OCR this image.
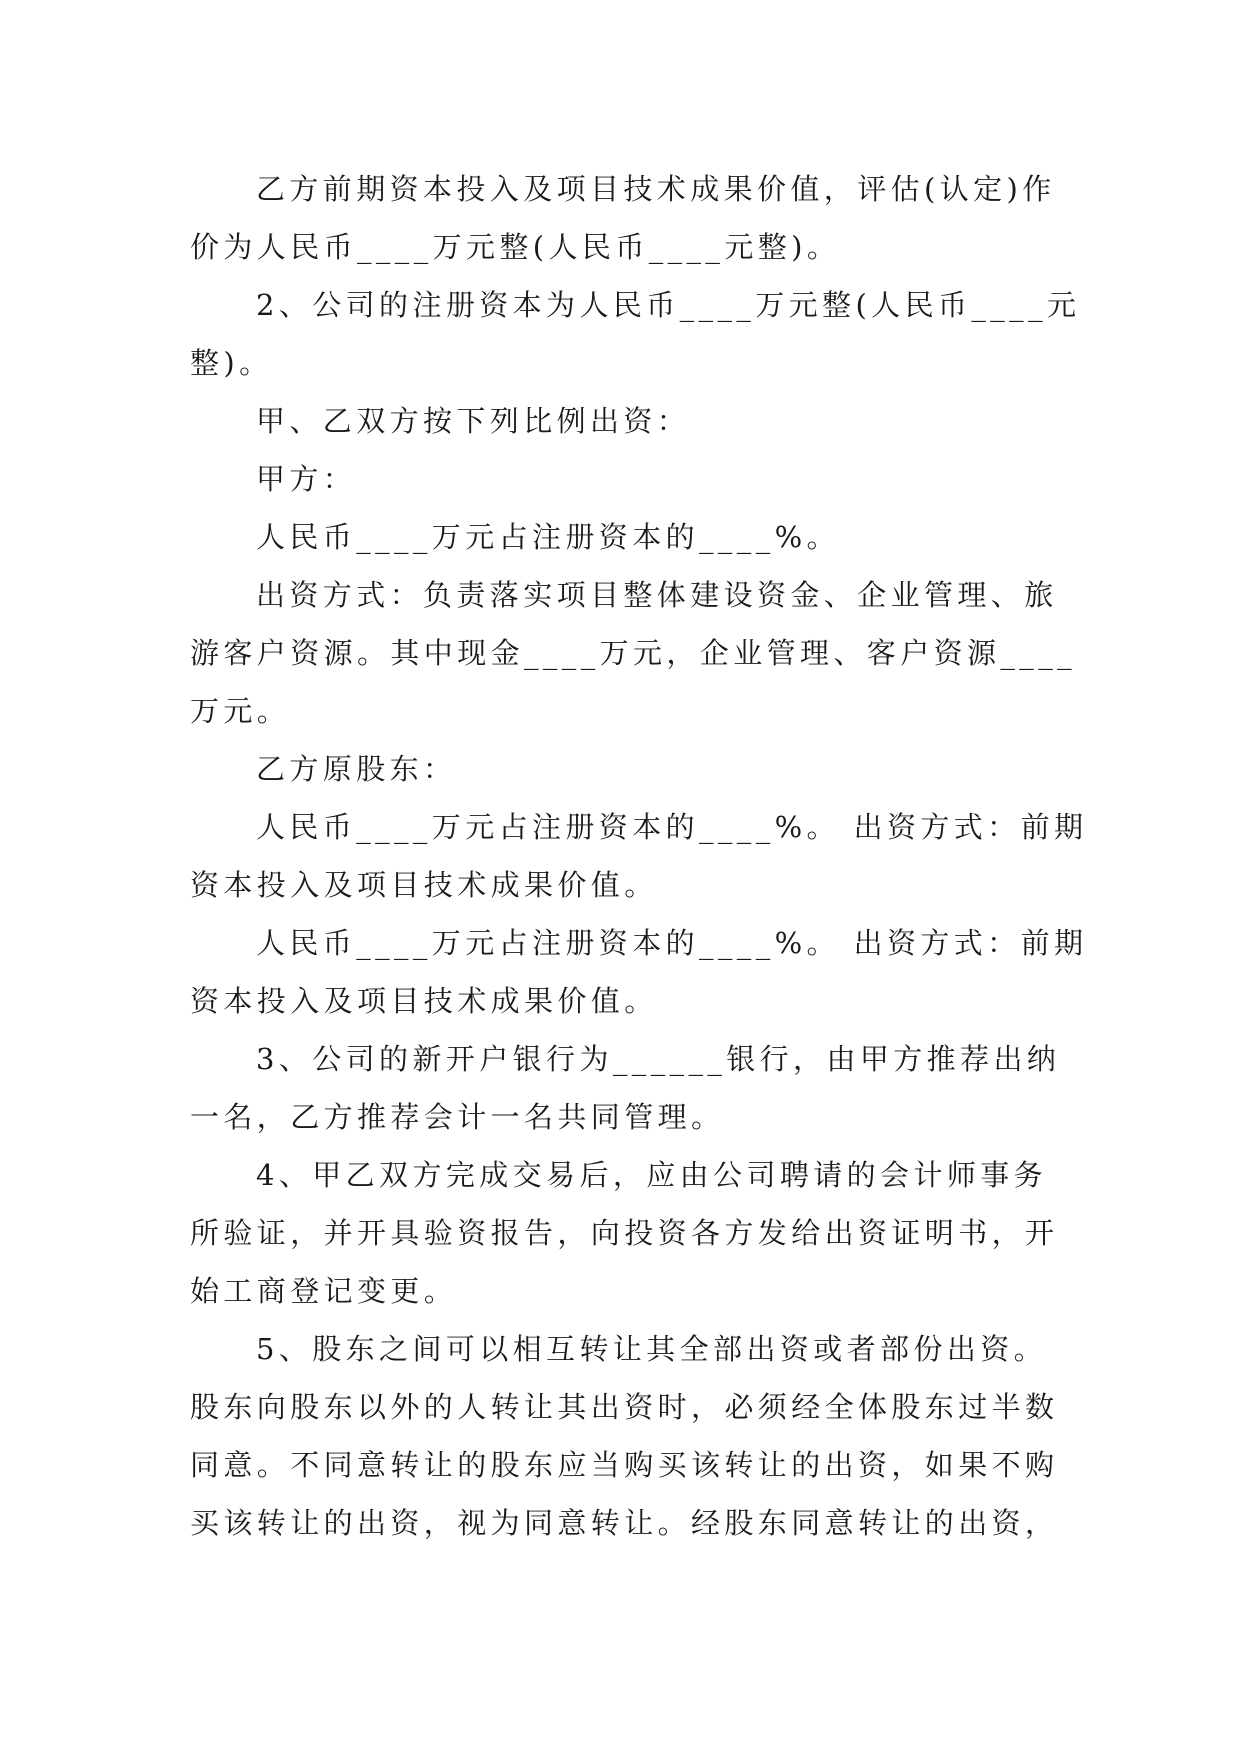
乙方前期资本投入及项目技术成果价值，评估(认定)作
价为人民币____万元整(人民币____元整)。
2、公司的注册资本为人民币____万元整(人民币____元
整)。
甲、乙双方按下列比例出资：
甲方：
人民币____万元占注册资本的____%。
出资方式：负责落实项目整体建设资金、企业管理、旅
游客户资源。其中现金____万元，企业管理、客户资源____
万元。
乙方原股东：
人民币____万元占注册资本的____%。 出资方式：前期
资本投入及项目技术成果价值。
人民币____万元占注册资本的____%。 出资方式：前期
资本投入及项目技术成果价值。
3、公司的新开户银行为______银行，由甲方推荐出纳
一名，乙方推荐会计一名共同管理。
4、甲乙双方完成交易后，应由公司聘请的会计师事务
所验证，并开具验资报告，向投资各方发给出资证明书，开
始工商登记变更。
5、股东之间可以相互转让其全部出资或者部份出资。
股东向股东以外的人转让其出资时，必须经全体股东过半数
同意。不同意转让的股东应当购买该转让的出资，如果不购
买该转让的出资，视为同意转让。经股东同意转让的出资，
